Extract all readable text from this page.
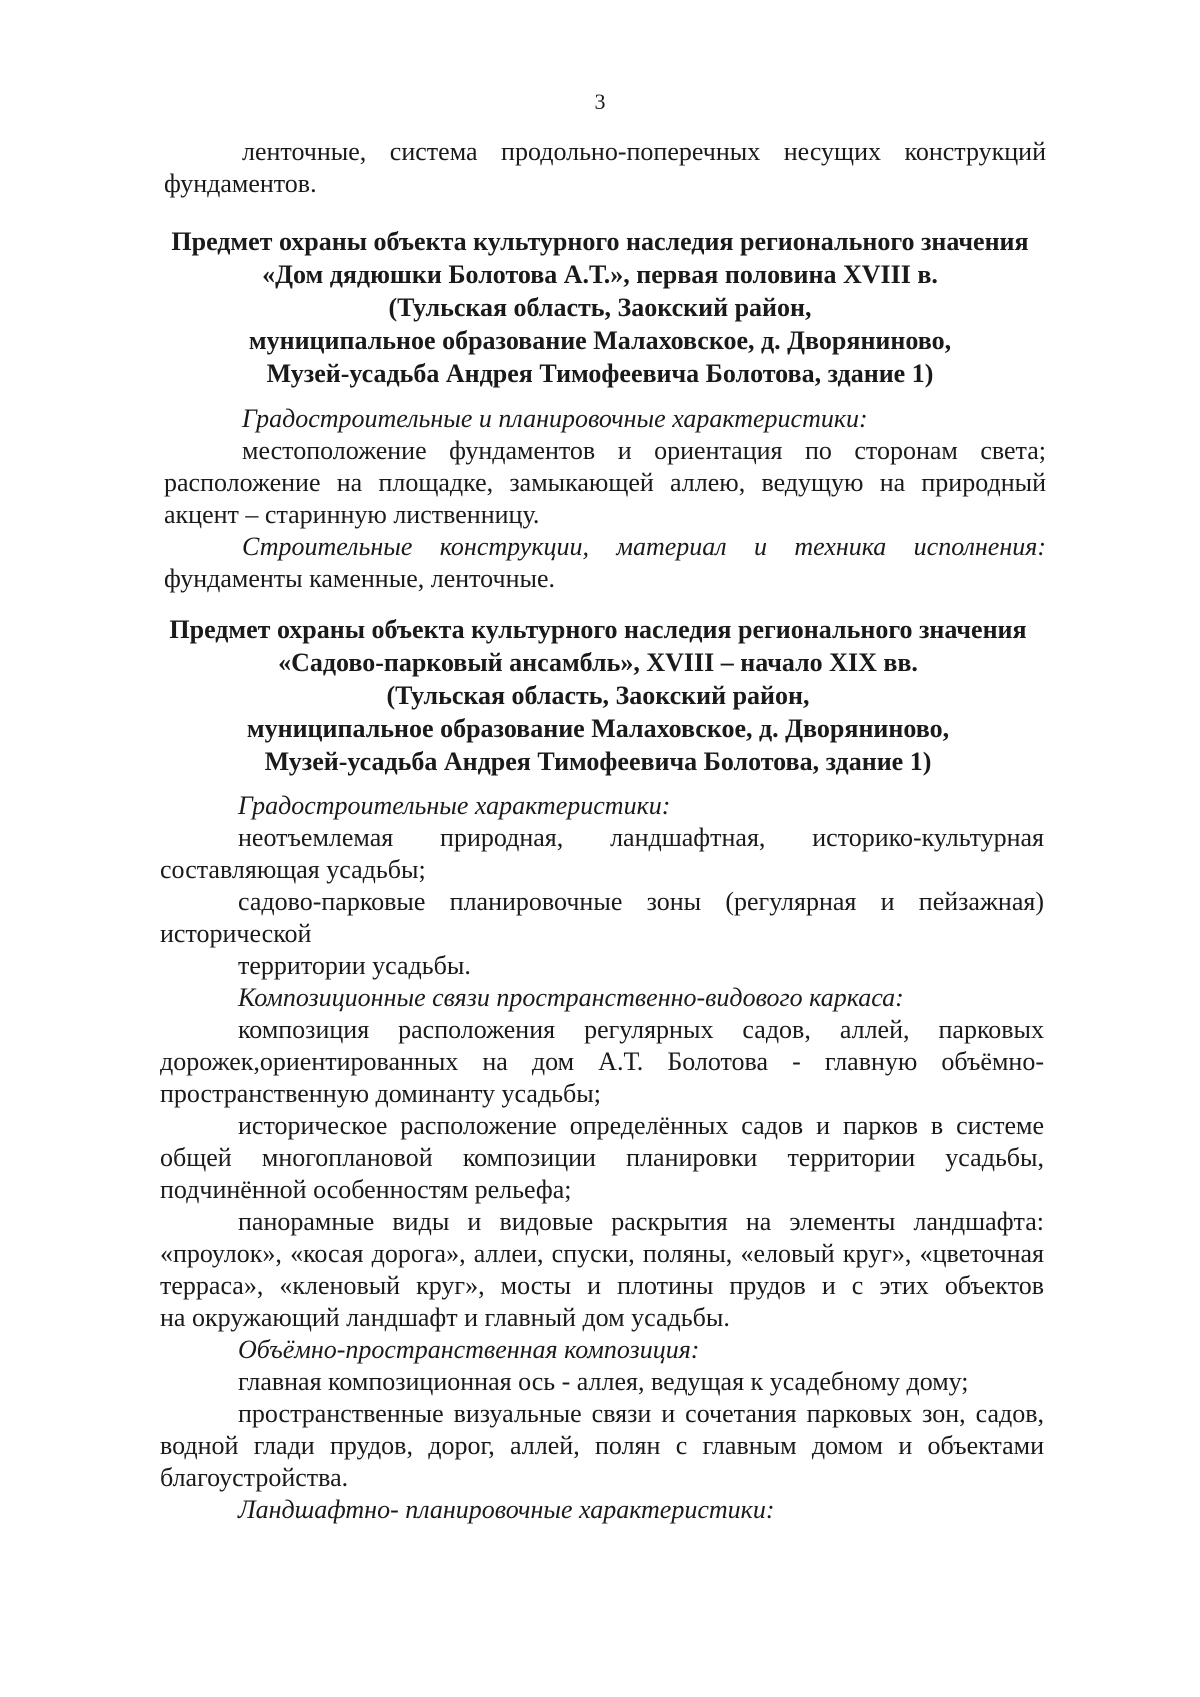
3

ленточные, система продольно-поперечных несущих конструкций

фундаментов.

Предмет охраны объекта культурного наследия регионального значения

«Дом дядюшки Болотова А.Т.», первая половина XVIII в.

(Тульская область, Заокский район,

муниципальное образование Малаховское, д. Дворяниново,

Музей-усадьба Андрея Тимофеевича Болотова, здание 1)

Градостроительные и планировочные характеристики:

местоположение фундаментов и ориентация по сторонам света;

расположение на площадке, замыкающей аллею, ведущую на природный

акцент – старинную лиственницу.

Строительные конструкции, материал и техника исполнения:

фундаменты каменные, ленточные.

Предмет охраны объекта культурного наследия регионального значения

«Садово-парковый ансамбль», XVIII – начало XIX вв.

(Тульская область, Заокский район,

муниципальное образование Малаховское, д. Дворяниново,

Музей-усадьба Андрея Тимофеевича Болотова, здание 1)

Градостроительные характеристики:

неотъемлемая природная, ландшафтная, историко-культурная

составляющая усадьбы;

садово-парковые планировочные зоны (регулярная и пейзажная)

исторической

территории усадьбы.

Композиционные связи пространственно-видового каркаса:

композиция расположения регулярных садов, аллей, парковых

дорожек,ориентированных на дом А.Т. Болотова - главную объёмно-

пространственную доминанту усадьбы;

историческое расположение определённых садов и парков в системе

общей многоплановой композиции планировки территории усадьбы,

подчинённой особенностям рельефа;

панорамные виды и видовые раскрытия на элементы ландшафта:

«проулок», «косая дорога», аллеи, спуски, поляны, «еловый круг», «цветочная

терраса», «кленовый круг», мосты и плотины прудов и с этих объектов

на окружающий ландшафт и главный дом усадьбы.

Объёмно-пространственная композиция:

главная композиционная ось - аллея, ведущая к усадебному дому;

пространственные визуальные связи и сочетания парковых зон, садов,

водной глади прудов, дорог, аллей, полян с главным домом и объектами

благоустройства.

Ландшафтно- планировочные характеристики:
